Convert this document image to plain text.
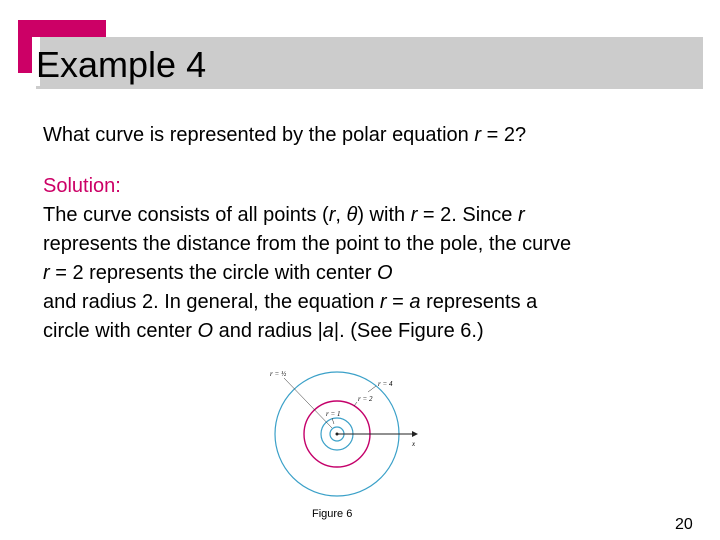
Example 4
What curve is represented by the polar equation r = 2?
Solution:
The curve consists of all points (r, θ) with r = 2. Since r
represents the distance from the point to the pole, the curve
r = 2 represents the circle with center O
and radius 2. In general, the equation r = a represents a
circle with center O and radius |a|. (See Figure 6.)
x
r = ½
r = 4
r = 2
r = 1
Figure 6
20
